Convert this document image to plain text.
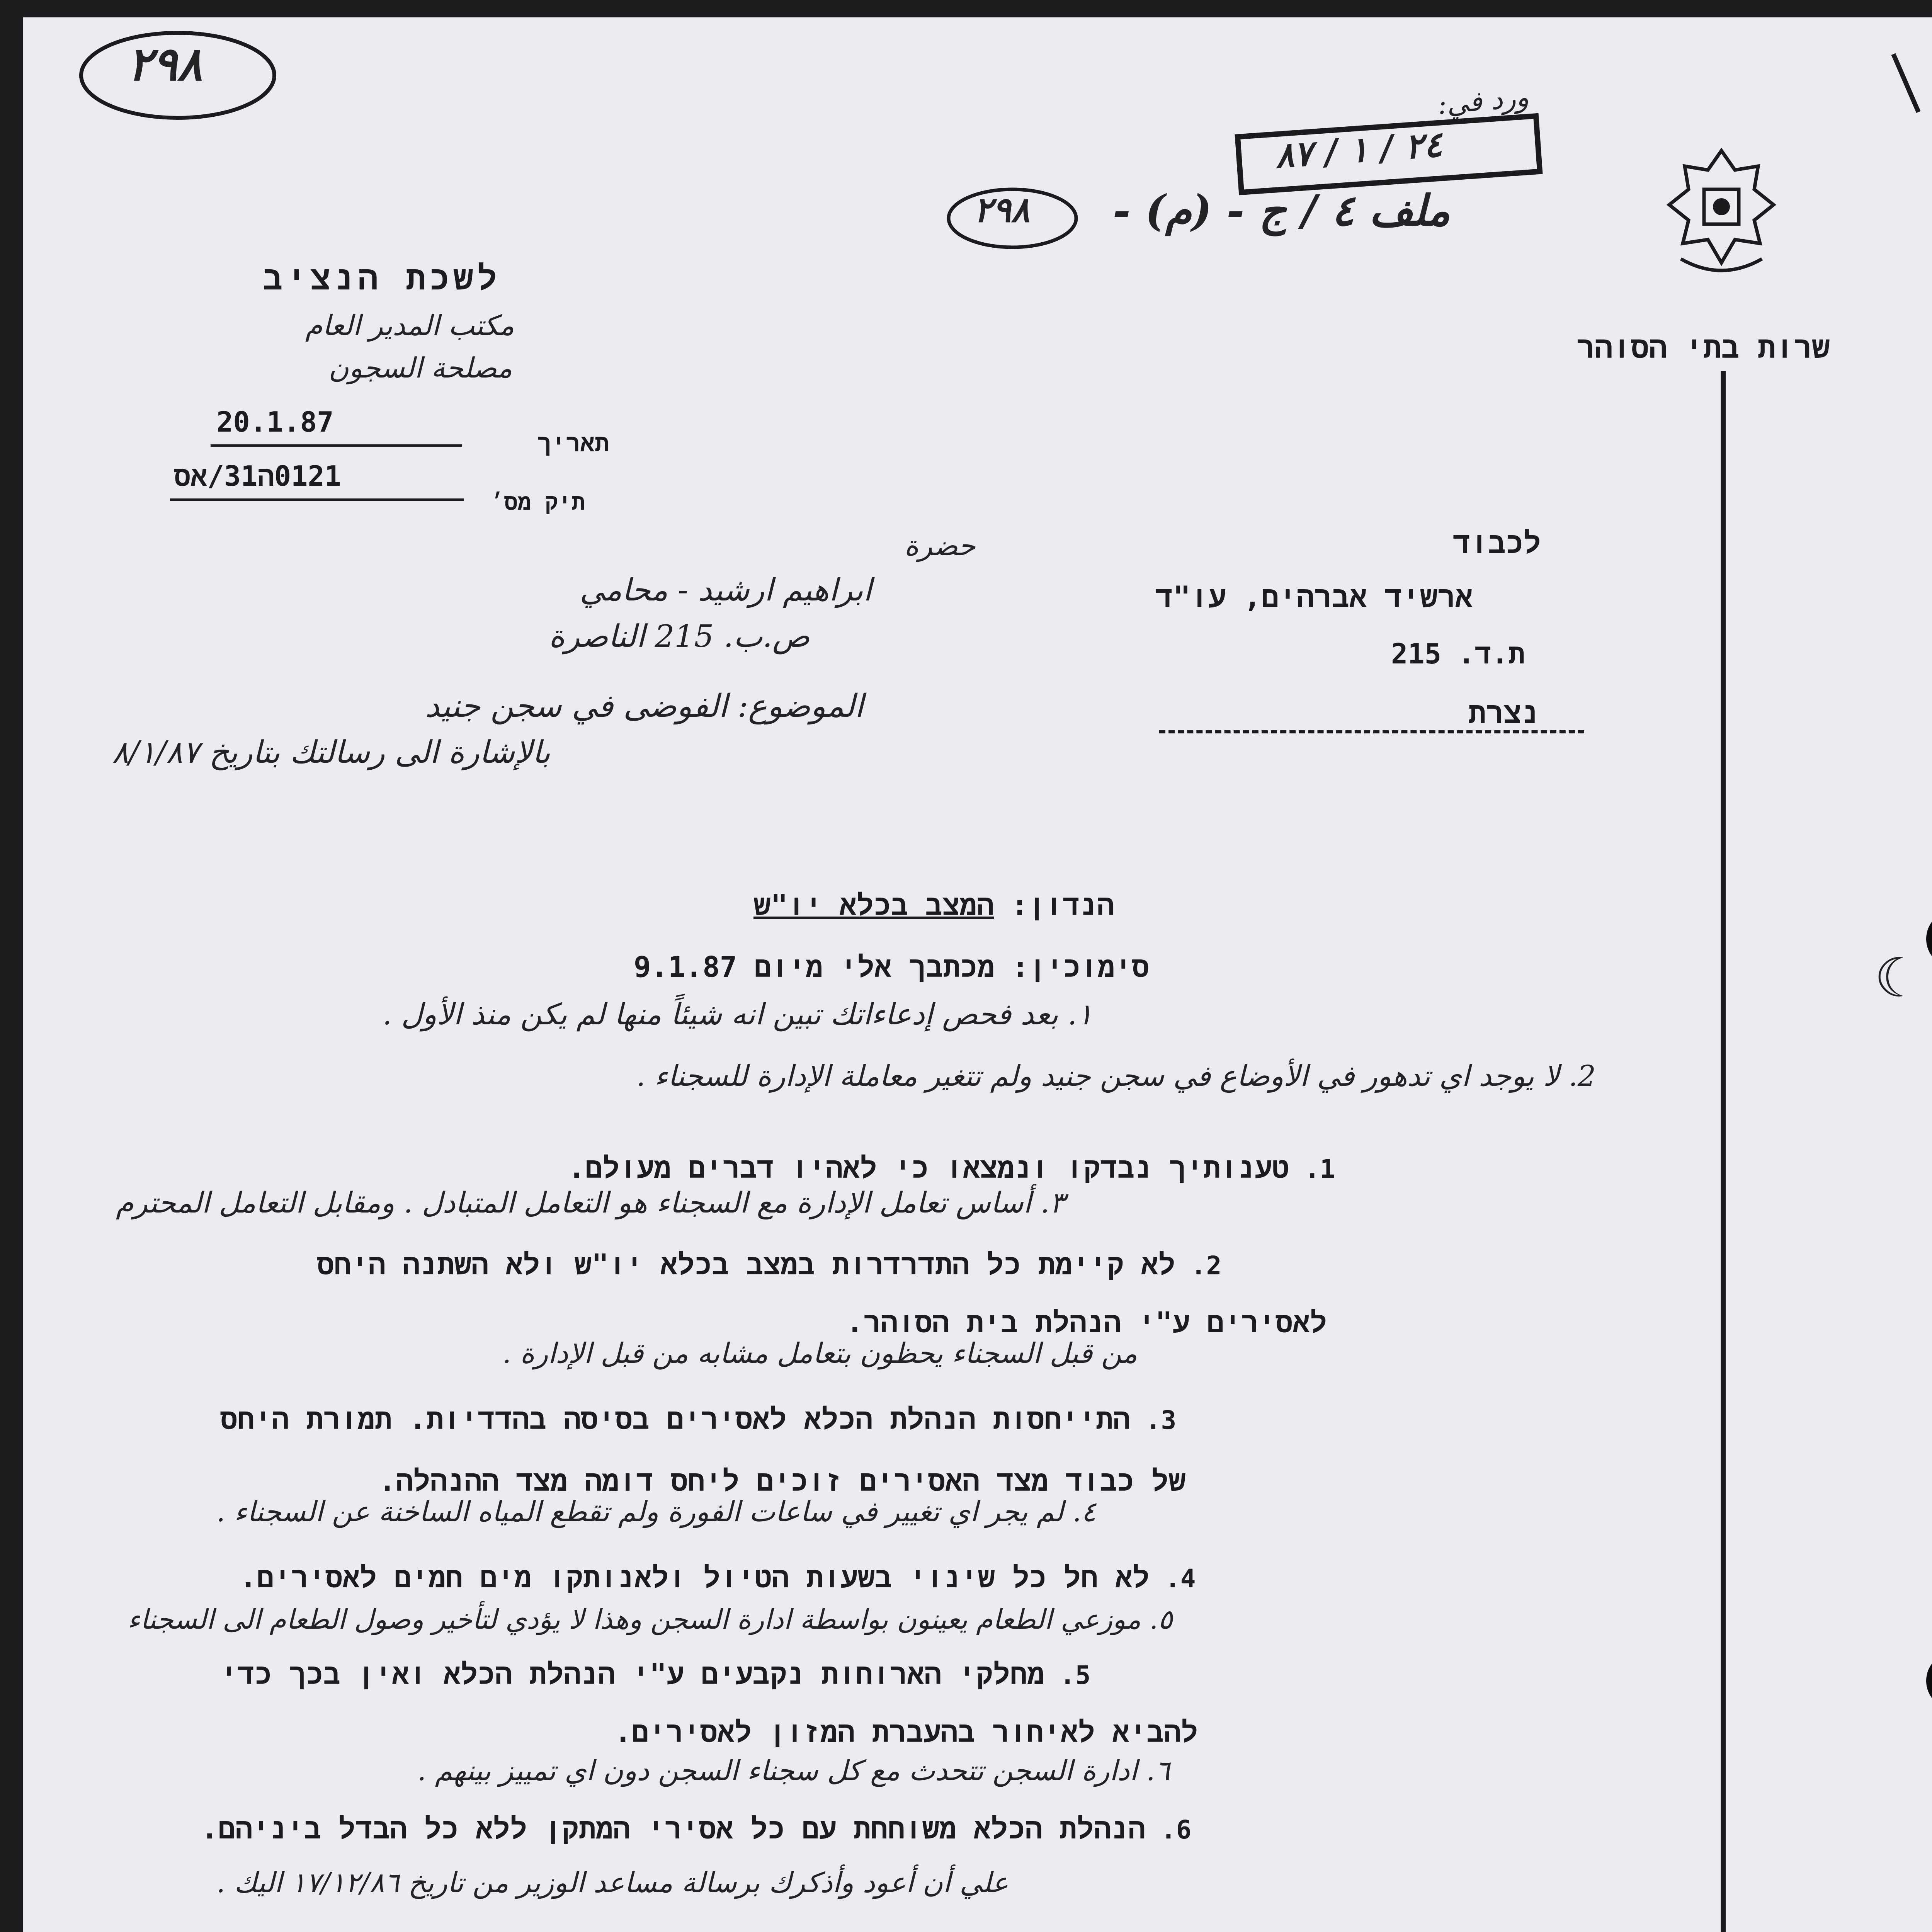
٢٩٨
ورد في:
٢٤ / ١ / ٨٧
٢٩٨ ملف ٤ / ج - (م) -
שרות בתי הסוהר
לשכת הנציב
مكتب المدير العام
مصلحة السجون
20.1.87
תאריך
0121ה31/אס
תיק מס׳
לכבוד
ארשיד אברהים, עו"ד
ת.ד. 215
נצרת
حضرة
ابراهيم ارشيد - محامي
ص.ب. 215 الناصرة
الموضوع: الفوضى في سجن جنيد
بالإشارة الى رسالتك بتاريخ ٨/١/٨٧
הנדון: המצב בכלא יו"ש
סימוכין: מכתבך אלי מיום 9.1.87
١. بعد فحص إدعاءاتك تبين انه شيئاً منها لم يكن منذ الأول .
2. لا يوجد اي تدهور في الأوضاع في سجن جنيد ولم تتغير معاملة الإدارة للسجناء .
1.טענותיך נבדקו ונמצאו כי לאהיו דברים מעולם.
٣. أساس تعامل الإدارة مع السجناء هو التعامل المتبادل . ومقابل التعامل المحترم
2.לא קיימת כל התדרדרות במצב בכלא יו"ש ולא השתנה היחס
לאסירים ע"י הנהלת בית הסוהר.
من قبل السجناء يحظون بتعامل مشابه من قبل الإدارة .
3.התייחסות הנהלת הכלא לאסירים בסיסה בהדדיות. תמורת היחס
של כבוד מצד האסירים זוכים ליחס דומה מצד ההנהלה.
٤. لم يجر اي تغيير في ساعات الفورة ولم تقطع المياه الساخنة عن السجناء .
4.לא חל כל שינוי בשעות הטיול ולאנותקו מים חמים לאסירים.
٥. موزعي الطعام يعينون بواسطة ادارة السجن وهذا لا يؤدي لتأخير وصول الطعام الى السجناء
5.מחלקי הארוחות נקבעים ע"י הנהלת הכלא ואין בכך כדי
להביא לאיחור בהעברת המזון לאסירים.
٦. ادارة السجن تتحدث مع كل سجناء السجن دون اي تمييز بينهم .
6.הנהלת הכלא משוחחת עם כל אסירי המתקן ללא כל הבדל ביניהם.
علي أن أعود وأذكرك برسالة مساعد الوزير من تاريخ ١٧/١٢/٨٦ اليك .
☾
